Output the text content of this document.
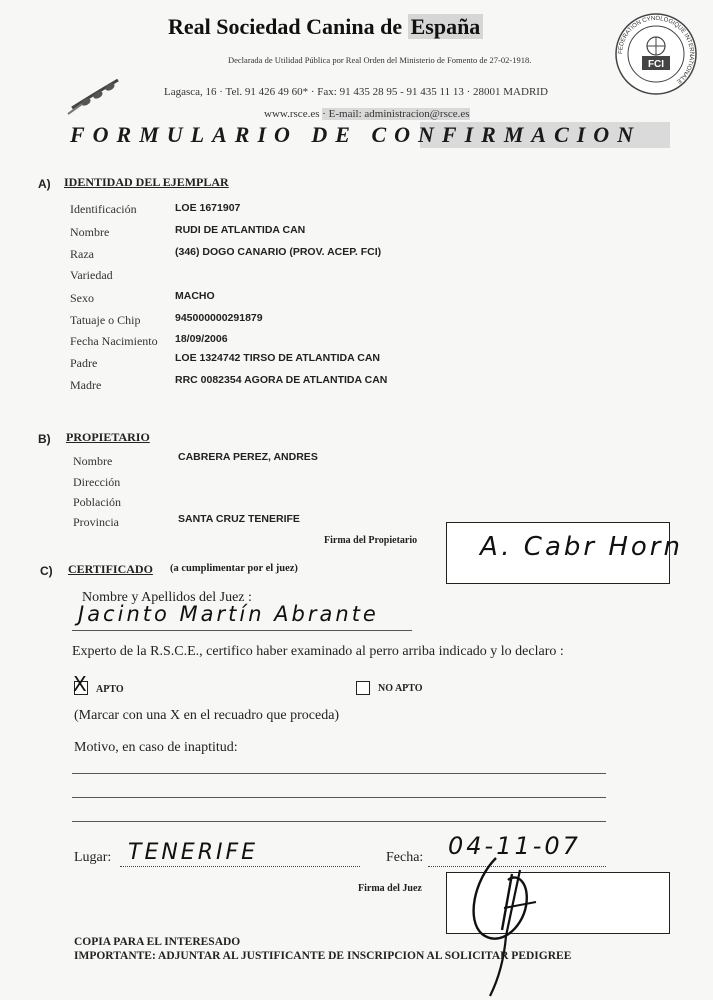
Real Sociedad Canina de España
Declarada de Utilidad Pública por Real Orden del Ministerio de Fomento de 27-02-1918.
Lagasca, 16 · Tel. 91 426 49 60* · Fax: 91 435 28 95 - 91 435 11 13 · 28001 MADRID
www.rsce.es · E-mail: administracion@rsce.es
FEDERATION CYNOLOGIQUE INTERNATIONALE
FCI
FORMULARIO DE CONFIRMACION
A) IDENTIDAD DEL EJEMPLAR
Identificación	LOE 1671907
Nombre	RUDI DE ATLANTIDA CAN
Raza	(346) DOGO CANARIO (PROV. ACEP. FCI)
Variedad
Sexo	MACHO
Tatuaje o Chip	945000000291879
Fecha Nacimiento 18/09/2006
Padre	LOE 1324742 TIRSO DE ATLANTIDA CAN
Madre	RRC 0082354 AGORA DE ATLANTIDA CAN
B) PROPIETARIO
Nombre	CABRERA PEREZ, ANDRES
Dirección
Población
Provincia	SANTA CRUZ TENERIFE
Firma del Propietario A. Cabr Horn
C) CERTIFICADO (a cumplimentar por el juez)
Nombre y Apellidos del Juez :
Jacinto Martín Abrante
Experto de la R.S.C.E., certifico haber examinado al perro arriba indicado y lo declaro :
X APTO	NO APTO
(Marcar con una X en el recuadro que proceda)
Motivo, en caso de inaptitud:
Lugar: TENERIFE	Fecha: 04-11-07
Firma del Juez
COPIA PARA EL INTERESADO
IMPORTANTE: ADJUNTAR AL JUSTIFICANTE DE INSCRIPCION AL SOLICITAR PEDIGREE
